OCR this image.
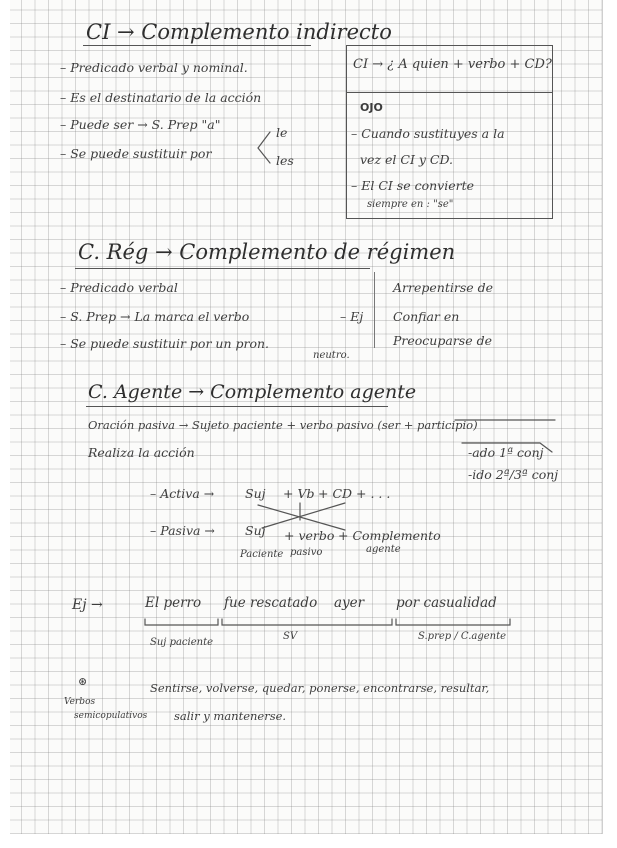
CI → Complemento indirecto
– Predicado verbal y nominal.
– Es el destinatario de la acción
– Puede ser → S. Prep "a"
– Se puede sustituir por
le
les
CI → ¿ A quien + verbo + CD?
OJO
– Cuando sustituyes a la
vez el CI y CD.
– El CI se convierte
siempre en : "se"
C. Rég → Complemento de régimen
– Predicado verbal
– S. Prep → La marca el verbo	– Ej
– Se puede sustituir por un pron.
neutro.
Arrepentirse de
Confiar en
Preocuparse de
C. Agente → Complemento agente
Oración pasiva → Sujeto paciente + verbo pasivo (ser + participio)
Realiza la acción	-ado 1ª conj
-ido 2ª/3ª conj
– Activa → Suj + Vb + CD + . . .
– Pasiva → Suj + verbo + Complemento
Paciente pasivo	agente
Ej →	El perro fue rescatado ayer por casualidad
Suj paciente
SV	S.prep / C.agente
⊛
Verbos
semicopulativos
Sentirse, volverse, quedar, ponerse, encontrarse, resultar,
salir y mantenerse.
